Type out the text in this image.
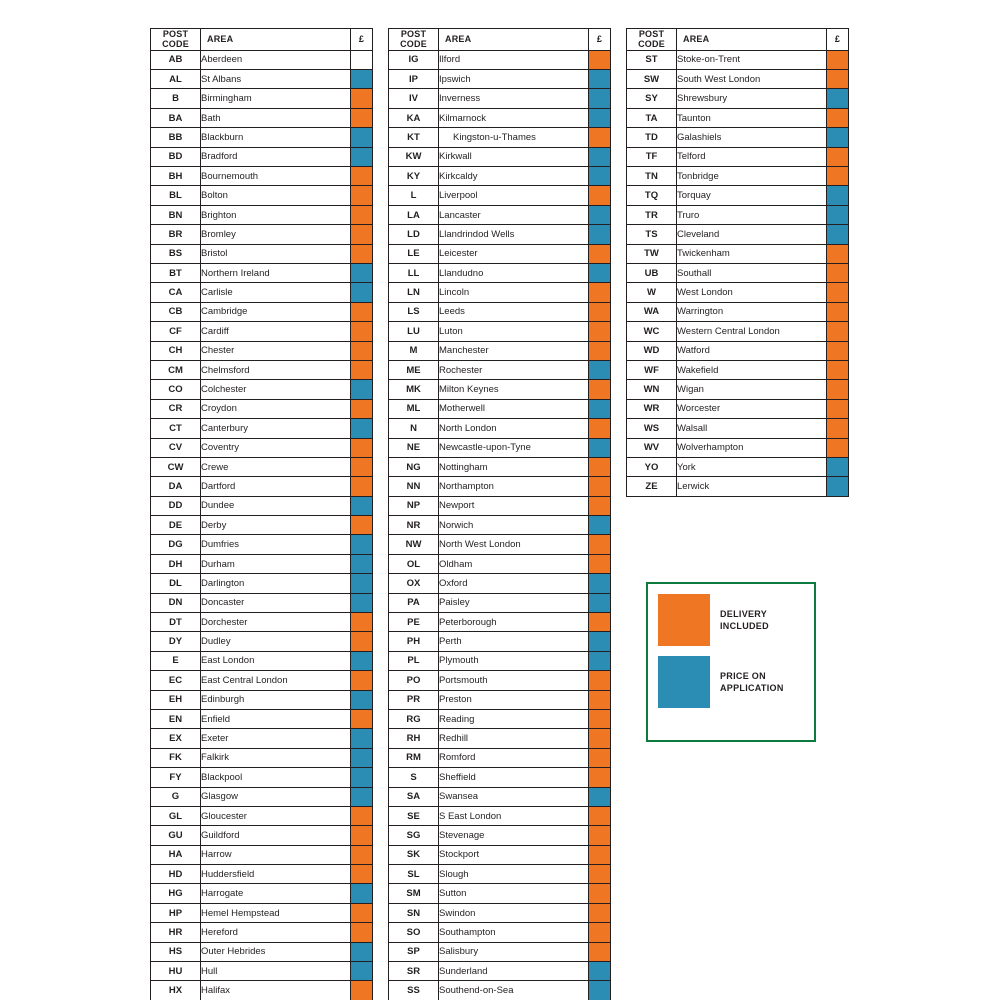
POST
CODE	AREA	£
AB	Aberdeen	

AL	St Albans	

B	Birmingham	

BA	Bath	

BB	Blackburn	

BD	Bradford	

BH	Bournemouth	

BL	Bolton	

BN	Brighton	

BR	Bromley	

BS	Bristol	

BT	Northern Ireland	

CA	Carlisle	

CB	Cambridge	

CF	Cardiff	

CH	Chester	

CM	Chelmsford	

CO	Colchester	

CR	Croydon	

CT	Canterbury	

CV	Coventry	

CW	Crewe	

DA	Dartford	

DD	Dundee	

DE	Derby	

DG	Dumfries	

DH	Durham	

DL	Darlington	

DN	Doncaster	

DT	Dorchester	

DY	Dudley	

E	East London	

EC	East Central London	

EH	Edinburgh	

EN	Enfield	

EX	Exeter	

FK	Falkirk	

FY	Blackpool	

G	Glasgow	

GL	Gloucester	

GU	Guildford	

HA	Harrow	

HD	Huddersfield	

HG	Harrogate	

HP	Hemel Hempstead	

HR	Hereford	

HS	Outer Hebrides	

HU	Hull	

HX	Halifax	
POST
CODE	AREA	£
IG	Ilford	

IP	Ipswich	

IV	Inverness	

KA	Kilmarnock	

KT	Kingston-u-Thames	

KW	Kirkwall	

KY	Kirkcaldy	

L	Liverpool	

LA	Lancaster	

LD	Llandrindod Wells	

LE	Leicester	

LL	Llandudno	

LN	Lincoln	

LS	Leeds	

LU	Luton	

M	Manchester	

ME	Rochester	

MK	Milton Keynes	

ML	Motherwell	

N	North London	

NE	Newcastle-upon-Tyne	

NG	Nottingham	

NN	Northampton	

NP	Newport	

NR	Norwich	

NW	North West London	

OL	Oldham	

OX	Oxford	

PA	Paisley	

PE	Peterborough	

PH	Perth	

PL	Plymouth	

PO	Portsmouth	

PR	Preston	

RG	Reading	

RH	Redhill	

RM	Romford	

S	Sheffield	

SA	Swansea	

SE	S East London	

SG	Stevenage	

SK	Stockport	

SL	Slough	

SM	Sutton	

SN	Swindon	

SO	Southampton	

SP	Salisbury	

SR	Sunderland	

SS	Southend-on-Sea	
POST
CODE	AREA	£
ST	Stoke-on-Trent	

SW	South West London	

SY	Shrewsbury	

TA	Taunton	

TD	Galashiels	

TF	Telford	

TN	Tonbridge	

TQ	Torquay	

TR	Truro	

TS	Cleveland	

TW	Twickenham	

UB	Southall	

W	West London	

WA	Warrington	

WC	Western Central London	

WD	Watford	

WF	Wakefield	

WN	Wigan	

WR	Worcester	

WS	Walsall	

WV	Wolverhampton	

YO	York	

ZE	Lerwick	
DELIVERY
INCLUDED
PRICE ON
APPLICATION
